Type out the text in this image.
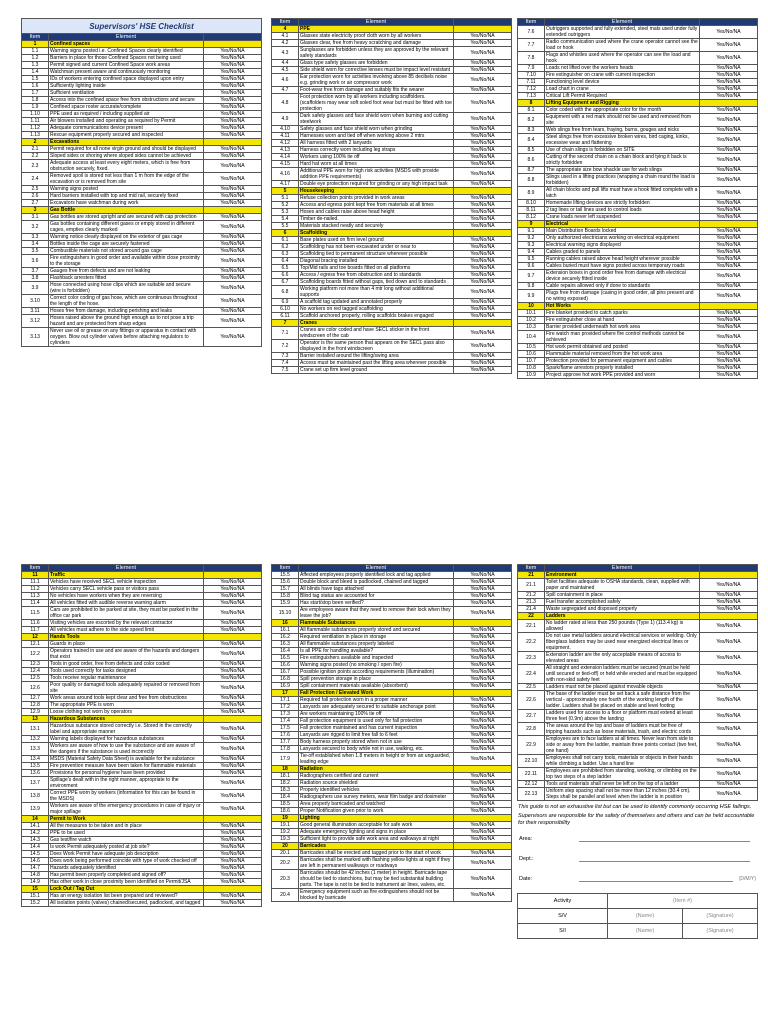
Supervisors' HSE Checklist
Item	Element	
1	Confined spaces	
1.1	Warning signs posted i.e. Confined Spaces clearly identified	Yes/No/NA
1.2	Barriers in place for those Confined Spaces not being used	Yes/No/NA
1.3	Permit signed and current Confined Space work areas	Yes/No/NA
1.4	Watchman present aware and continuously monitoring	Yes/No/NA
1.5	IDs of workers entering confined space displayed upon entry	Yes/No/NA
1.6	Sufficiently lighting inside	Yes/No/NA
1.7	Sufficient ventilation	Yes/No/NA
1.8	Access into the confined space free from obstructions and secure	Yes/No/NA
1.9	Confined space roster accurate/complete	Yes/No/NA
1.10	PPE used as required / including supplied air	Yes/No/NA
1.11	Air blowers installed and operating as required by Permit	Yes/No/NA
1.12	Adequate communications device present	Yes/No/NA
1.13	Rescue equipment properly secured and inspected	Yes/No/NA
2	Excavations	
2.1	Permit required for all none virgin ground and should be displayed	Yes/No/NA
2.2	Sloped sides or shoring where sloped sides cannot be achieved	Yes/No/NA
2.3	Adequate access at least every eight meters, which is free from obstruction securely, fixed.	Yes/No/NA
2.4	Removed spoil is stored not less than 1 m from the edge of the excavation or is removed from site	Yes/No/NA
2.5	Warning signs posted	Yes/No/NA
2.6	Hard barriers installed with top and mid rail, securely fixed	Yes/No/NA
2.7	Excavators have watchman during work	Yes/No/NA
3	Gas Bottle	
3.1	Gas bottles are stored upright and are secured with cap protection	Yes/No/NA
3.2	Gas bottles containing different gases or empty stored in different cages, empties clearly marked	Yes/No/NA
3.3	Warning notice clearly displayed on the exterior of gas cage	Yes/No/NA
3.4	Bottles inside the cage are securely fastened	Yes/No/NA
3.5	Combustible materials not stored around gas cage	Yes/No/NA
3.6	Fire extinguishers in good order and available within close proximity to the storage	Yes/No/NA
3.7	Gauges free from defects and are not leaking	Yes/No/NA
3.8	Flashback arresters fitted	Yes/No/NA
3.9	Hose connected using hose clips which are suitable and secure (wire is forbidden)	Yes/No/NA
3.10	Correct color coding of gas hose, which are continuous throughout the length of the hose.	Yes/No/NA
3.11	Hoses free from damage, including perishing and leaks	Yes/No/NA
3.12	Hoses raised above the ground high enough as to not pose a trip hazard and are protected from sharp edges	Yes/No/NA
3.13	Never use oil or grease on any fittings or apparatus in contact with oxygen. Blow out cylinder valves before attaching regulators to cylinders	Yes/No/NA
Item	Element	
4	PPE	
4.1	Glasses state electricity proof cloth worn by all workers	Yes/No/NA
4.2	Glasses clear, free from heavy scratching and damage	Yes/No/NA
4.3	Sunglasses are forbidden unless they are approved by the relevant safety standards	Yes/No/NA
4.4	Glass type safety glasses are forbidden	Yes/No/NA
4.5	Side shield worn for corrective lenses must be impact level resistant	Yes/No/NA
4.6	Ear protection worn for activities involving above 85 decibels noise e.g. grinding work or air compressor work	Yes/No/NA
4.7	Foot-wear free from damage and suitably fits the wearer	Yes/No/NA
4.8	Foot protection worn by all workers including scaffolders. (scaffolders may wear soft soled foot wear but must be fitted with toe protection	Yes/No/NA
4.9	Dark safety glasses and face shield worn when burning and cutting steelwork	Yes/No/NA
4.10	Safety glasses and face shield worn when grinding	Yes/No/NA
4.11	Harnesses worn and tied off when working above 2 mtrs	Yes/No/NA
4.12	All harness fitted with 2 lanyards	Yes/No/NA
4.13	Harness correctly worn including leg straps	Yes/No/NA
4.14	Workers using 100% tie off	Yes/No/NA
4.15	Hard hat worn at all times	Yes/No/NA
4.16	Additional PPE worn for high risk activities (MSDS with provide addition PPE requirements)	Yes/No/NA
4.17	Double eye protection required for grinding or any high impact task	Yes/No/NA
5	Housekeeping	
5.1	Refuse collection points provided in work areas	Yes/No/NA
5.2	Access and egress point kept free from materials at all times	Yes/No/NA
5.3	Hoses and cables raise above head height	Yes/No/NA
5.4	Timber de-nailed.	Yes/No/NA
5.5	Materials stacked neatly and securely	Yes/No/NA
6	Scaffolding	
6.1	Base plates used on firm level ground	Yes/No/NA
6.2	Scaffolding has not been excavated under or near to	Yes/No/NA
6.3	Scaffolding tied to permanent structure wherever possible	Yes/No/NA
6.4	Diagonal bracing installed	Yes/No/NA
6.5	Top/Mid rails and toe boards fitted on all platforms	Yes/No/NA
6.6	Access / egress free from obstruction and to standards	Yes/No/NA
6.7	Scaffolding boards fitted without gaps, tied down and to standards	Yes/No/NA
6.8	Working platform not more than 4 mtr long without additional supports	Yes/No/NA
6.9	A scaffold tag updated and annotated properly	Yes/No/NA
6.10	No workers on red tagged scaffolding	Yes/No/NA
6.11	Scaffold anchored properly, rolling scaffolds brakes engaged	Yes/No/NA
7	Cranes	
7.1	Cranes are color coded and have SECL sticker in the front windscreen of the cab	Yes/No/NA
7.2	Operator is the same person that appears on the SECL pass also displayed in the front windscreen	Yes/No/NA
7.3	Barrier installed around the lifting/swing area	Yes/No/NA
7.4	Access must be maintained past the lifting area wherever possible	Yes/No/NA
7.5	Crane set up firm level ground	Yes/No/NA
Item	Element	
7.6	Outriggers supported and fully extended, steel mats used under fully extended outriggers	Yes/No/NA
7.7	Radio communication used where the crane operator cannot see the load or hook	Yes/No/NA
7.8	Flags and whistles used where the operator can see the load and hook	Yes/No/NA
7.9	Loads not lifted over the workers heads	Yes/No/NA
7.10	Fire extinguisher on crane with current inspection	Yes/No/NA
7.11	Functioning level device	Yes/No/NA
7.12	Load chart in crane	Yes/No/NA
7.13	Critical Lift Permit Required	Yes/No/NA
8	Lifting Equipment and Rigging	
8.1	Color coded with the appropriate color for the month	Yes/No/NA
8.2	Equipment with a red mark should not be used and removed from site	Yes/No/NA
8.3	Web slings free from tears, fraying, burns, gouges and nicks	Yes/No/NA
8.4	Steel slings free from excessive broken wires, bird caging, kinks, excessive wear and flattening	Yes/No/NA
8.5	Use of chain slings is forbidden on SITE	Yes/No/NA
8.6	Cutting of the second chain on a chain block and tying it back is strictly forbidden	Yes/No/NA
8.7	The appropriate size bow shackle use for web slings	Yes/No/NA
8.8	Slings used in a lifting practices (wrapping a chain round the load is forbidden)	Yes/No/NA
8.9	All chain blocks and pull lifts must have a hook fitted complete with a latch	Yes/No/NA
8.10	Homemade lifting devices are strictly forbidden	Yes/No/NA
8.11	2 tag lines or tail lines used to control loads	Yes/No/NA
8.12	Crane loads never left suspended	Yes/No/NA
9	Electrical	
9.1	Main Distribution Boards locked	Yes/No/NA
9.2	Only authorized electricians working on electrical equipment	Yes/No/NA
9.3	Electrical warning signs displayed	Yes/No/NA
9.4	Cables graded to panels	Yes/No/NA
9.5	Running cables raised above head height wherever possible	Yes/No/NA
9.6	Cables buried must have signs posted across temporary roads	Yes/No/NA
9.7	Extension boxes in good order free from damage with electrical device securely fitted inside	Yes/No/NA
9.8	Cable repairs allowed only if done to standards	Yes/No/NA
9.9	Plugs free from damage (casing in good order, all pins present and no wiring exposed)	Yes/No/NA
10	Hot Works	
10.1	Fire blanket provided to catch sparks	Yes/No/NA
10.2	Fire extinguisher close at hand	Yes/No/NA
10.3	Barrier provided underneath hot work area	Yes/No/NA
10.4	Fire watch man provided where fire control methods cannot be achieved	Yes/No/NA
10.5	Hot work permit obtained and posted	Yes/No/NA
10.6	Flammable material removed from the hot work area	Yes/No/NA
10.7	Protection provided for permanent equipment and cables	Yes/No/NA
10.8	Spark/flame arrestors properly installed	Yes/No/NA
10.9	Project approve hot work PPE provided and worn	Yes/No/NA
Item	Element	
11	Traffic	
11.1	Vehicles have received SECL vehicle inspection	Yes/No/NA
11.2	Vehicles carry SECL vehicle pass or visitors pass	Yes/No/NA
11.3	No vehicles have workers when they are reversing	Yes/No/NA
11.4	All vehicles fitted with audible reverse warning alarm	Yes/No/NA
11.5	Cars are prohibited to be parked at site, they must be parked in the office car park	Yes/No/NA
11.6	Visiting vehicles are escorted by the relevant contractor	Yes/No/NA
11.7	All vehicles must adhere to the side speed limit	Yes/No/NA
12	Hands Tools	
12.1	Guards in place	Yes/No/NA
12.2	Operators trained in use and are aware of the hazards and dangers that exist	Yes/No/NA
12.3	Tools in good order, free from defects and color coded	Yes/No/NA
12.4	Tools used correctly for tasks designed	Yes/No/NA
12.5	Tools receive regular maintenance	Yes/No/NA
12.6	Poor quality or damaged tools adequately repaired or removed from site	Yes/No/NA
12.7	Work areas around tools kept clear and free from obstructions	Yes/No/NA
12.8	The appropriate PPE is worn	Yes/No/NA
12.9	Loose clothing not worn by operators	Yes/No/NA
13	Hazardous Substances	
13.1	Hazardous substance stored correctly i.e. Stored in the correctly label and appropriate manner	Yes/No/NA
13.2	Warning labels displayed for hazardous substances	Yes/No/NA
13.3	Workers are aware of how to use the substance and are aware of the dangers if the substance is used incorrectly	Yes/No/NA
13.4	MSDS (Material Safety Data Sheet) is available for the substance	Yes/No/NA
13.5	Fire prevention measure have been taken for flammable materials	Yes/No/NA
13.6	Provisions for personal hygiene have been provided	Yes/No/NA
13.7	Spillage's dealt with in the right manner, appropriate to the environment	Yes/No/NA
13.8	Correct PPE worn by workers (information for this can be found in the MSDS)	Yes/No/NA
13.9	Workers are aware of the emergency procedures in case of injury or major spillage	Yes/No/NA
14	Permit to Work	
14.1	All the measures to be taken and in place	Yes/No/NA
14.2	PPE to be used	Yes/No/NA
14.3	Gas test/fire watch	Yes/No/NA
14.4	Is work Permit adequately posted at job site?	Yes/No/NA
14.5	Does Work Permit have adequate job description	Yes/No/NA
14.6	Does work being performed coincide with type of work checked off	Yes/No/NA
14.7	Hazards adequately identified	Yes/No/NA
14.8	Has permit been properly completed and signed off?	Yes/No/NA
14.9	Has other work in close proximity been identified on Permit/JSA	Yes/No/NA
15	Lock Out / Tag Out	
15.1	Has an energy isolation list been prepared and reviewed?	Yes/No/NA
15.2	All isolation points (valves) chained/secured, padlocked, and tagged	Yes/No/NA
Item	Element	
15.5	Affected employees properly identified lock and tag applied	Yes/No/NA
15.6	Double block and bleed is padlocked, chained and tagged	Yes/No/NA
15.7	All blinds have tags attached	Yes/No/NA
15.8	Blind tag status are accounted for	Yes/No/NA
15.9	Has start/stop been verified?	Yes/No/NA
15.10	Are employees aware that they need to remove their lock when they leave the job?	Yes/No/NA
16	Flammable Substances	
16.1	All flammable substances properly stored and secured	Yes/No/NA
16.2	Required ventilation in place in storage	Yes/No/NA
16.3	All flammable substances properly labeled	Yes/No/NA
16.4	Is all PPE for handling available?	Yes/No/NA
16.5	Fire extinguishers available and inspected	Yes/No/NA
16.6	Warning signs posted (no smoking / open fire)	Yes/No/NA
16.7	Possible ignition points according requirements (illumination)	Yes/No/NA
16.8	Spill prevention storage in place	Yes/No/NA
16.9	Spill containment materials available (absorbent)	Yes/No/NA
17	Fall Protection / Elevated Work	
17.1	Required fall protection worn in a proper manner	Yes/No/NA
17.2	Lanyards are adequately secured to suitable anchorage point	Yes/No/NA
17.3	Are workers maintaining 100% tie off	Yes/No/NA
17.4	Fall protection equipment is used only for fall protection	Yes/No/NA
17.5	Fall protection maintained and has current inspection	Yes/No/NA
17.6	Lanyards are rigged to limit free fall to 6 feet	Yes/No/NA
17.7	Body harness properly stored when not in use	Yes/No/NA
17.8	Lanyards secured to body while not in use, walking, etc.	Yes/No/NA
17.9	Tie-off established when 1.8 meters in height or from an unguarded, leading edge	Yes/No/NA
18	Radiation	
18.1	Radiographers certified and current	Yes/No/NA
18.2	Radiation source shielded	Yes/No/NA
18.3	Properly identified vehicles	Yes/No/NA
18.4	Radiographers use survey meters, wear film badge and dosimeter	Yes/No/NA
18.5	Area properly barricaded and watched	Yes/No/NA
18.6	Proper Notification given prior to work	Yes/No/NA
19	Lighting	
19.1	Good general illumination acceptable for safe work	Yes/No/NA
19.2	Adequate emergency lighting and signs in place	Yes/No/NA
19.3	Sufficient light to provide safe work area and walkways at night	Yes/No/NA
20	Barricades	
20.1	Barricades shall be erected and tagged prior to the start of work	Yes/No/NA
20.2	Barricades shall be marked with flashing yellow lights at night if they are left in permanent walkways or roadways	Yes/No/NA
20.3	Barricades should be 42 inches (1 meter) in height. Barricade tape should be tied to stanchions, but may be tied substantial building parts. The tape is not to be tied to instrument air lines, valves, etc.	Yes/No/NA
20.4	Emergency equipment such as fire extinguishers should not be blocked by barricade	Yes/No/NA
Item	Element	
21	Environment	
21.1	Toilet facilities adequate to OSHA standards, clean, supplied with paper and maintained	Yes/No/NA
21.2	Spill containment in place	Yes/No/NA
21.3	Fuel transfer accomplished safely	Yes/No/NA
21.4	Waste segregated and disposed properly	Yes/No/NA
22	Ladders	
22.1	No ladder rated at less than 250 pounds (Type 1) (113.4 kg) is allowed	Yes/No/NA
22.2	Do not use metal ladders around electrical services or welding. Only fiberglass ladders may be used near energized electrical lines or equipment.	Yes/No/NA
22.3	Extension ladder are the only acceptable means of access to elevated areas	Yes/No/NA
22.4	All straight and extension ladders must be secured (must be held until secured or tied-off) or held while erected and must be equipped with non-skid safety feet	Yes/No/NA
22.5	Ladders must not be placed against movable objects	Yes/No/NA
22.6	The base of the ladder must be set back a safe distance from the vertical - approximately one fourth of the working length of the ladder. Ladders shall be placed on stable and level footing	Yes/No/NA
22.7	Ladders used for access to a floor or platform must extend at least three feet (0.9m) above the landing	Yes/No/NA
22.8	The areas around the top and base of ladders must be free of tripping hazards such as loose materials, trash, and electric cords	Yes/No/NA
22.9	Employees are to face ladders at all times. Never lean from side to side or away from the ladder, maintain three points contact (two feet, one hand)	Yes/No/NA
22.10	Employees shall not carry tools, materials or objects in their hands while climbing a ladder. Use a hand line	Yes/No/NA
22.11	Employees are prohibited from standing, working, or climbing on the top two steps of a step ladder	Yes/No/NA
22.12	Tools and materials shall never be left on the top of a ladder	Yes/No/NA
22.13	Uniform step spacing shall not be more than 12 inches (30.4 cm). Steps shall be parallel and level when the ladder is in position	Yes/No/NA
This guide is not an exhaustive list but can be used to identify commonly occurring HSE failings.
Supervisors are responsible for the safety of themselves and others and can be held accountable for their responsibility
Area:
Dept.:
Date:	(D/M/Y)
Activity	(Item #)	
S/V	(Name)	(Signature)
S/I	(Name)	(Signature)
